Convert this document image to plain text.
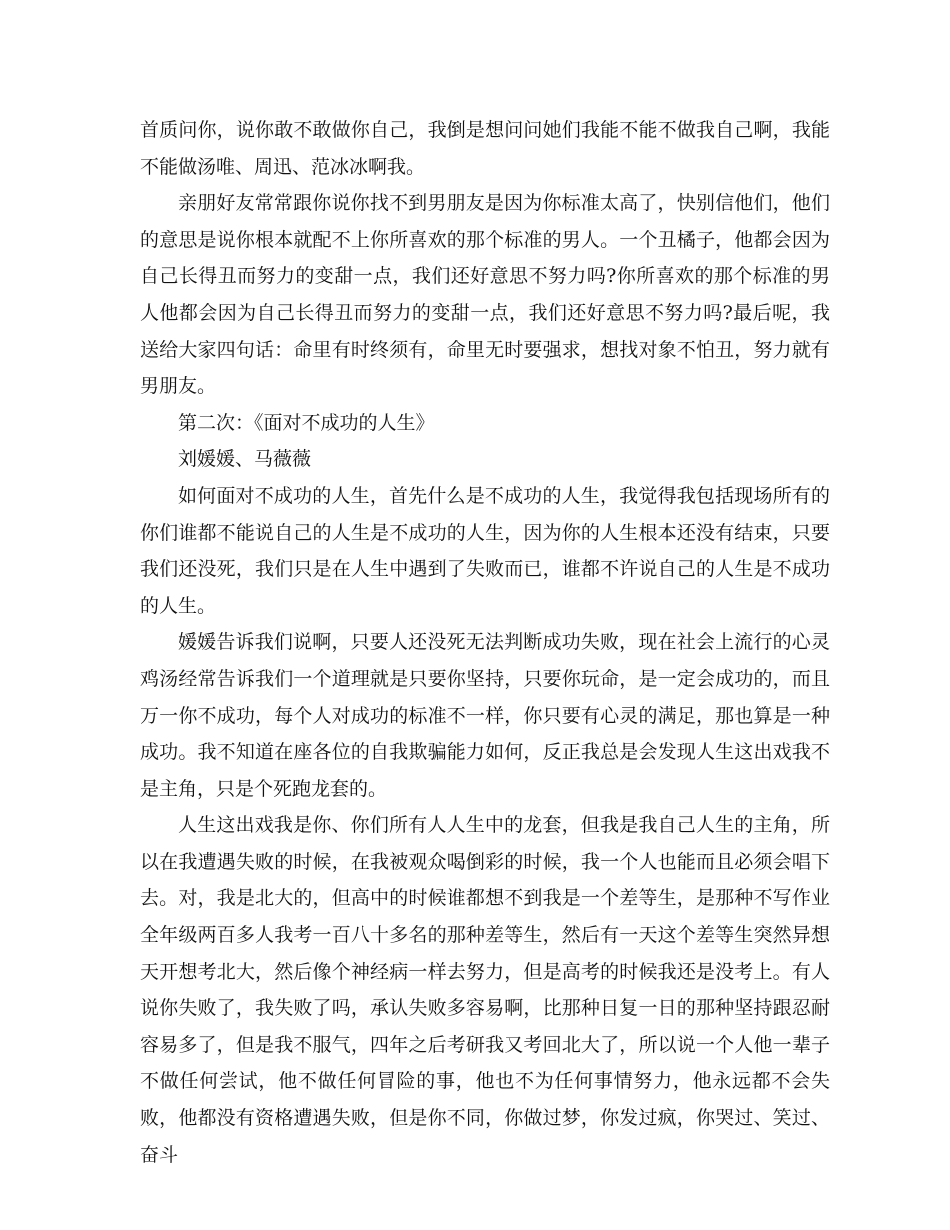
首质问你，说你敢不敢做你自己，我倒是想问问她们我能不能不做我自己啊，我能不能做汤唯、周迅、范冰冰啊我。

亲朋好友常常跟你说你找不到男朋友是因为你标准太高了，快别信他们，他们的意思是说你根本就配不上你所喜欢的那个标准的男人。一个丑橘子，他都会因为自己长得丑而努力的变甜一点，我们还好意思不努力吗?你所喜欢的那个标准的男人他都会因为自己长得丑而努力的变甜一点，我们还好意思不努力吗?最后呢，我送给大家四句话：命里有时终须有，命里无时要强求，想找对象不怕丑，努力就有男朋友。

第二次：《面对不成功的人生》

刘媛媛、马薇薇

如何面对不成功的人生，首先什么是不成功的人生，我觉得我包括现场所有的你们谁都不能说自己的人生是不成功的人生，因为你的人生根本还没有结束，只要我们还没死，我们只是在人生中遇到了失败而已，谁都不许说自己的人生是不成功的人生。

媛媛告诉我们说啊，只要人还没死无法判断成功失败，现在社会上流行的心灵鸡汤经常告诉我们一个道理就是只要你坚持，只要你玩命，是一定会成功的，而且万一你不成功，每个人对成功的标准不一样，你只要有心灵的满足，那也算是一种成功。我不知道在座各位的自我欺骗能力如何，反正我总是会发现人生这出戏我不是主角，只是个死跑龙套的。

人生这出戏我是你、你们所有人人生中的龙套，但我是我自己人生的主角，所以在我遭遇失败的时候，在我被观众喝倒彩的时候，我一个人也能而且必须会唱下去。对，我是北大的，但高中的时候谁都想不到我是一个差等生，是那种不写作业全年级两百多人我考一百八十多名的那种差等生，然后有一天这个差等生突然异想天开想考北大，然后像个神经病一样去努力，但是高考的时候我还是没考上。有人说你失败了，我失败了吗，承认失败多容易啊，比那种日复一日的那种坚持跟忍耐容易多了，但是我不服气，四年之后考研我又考回北大了，所以说一个人他一辈子不做任何尝试，他不做任何冒险的事，他也不为任何事情努力，他永远都不会失败，他都没有资格遭遇失败，但是你不同，你做过梦，你发过疯，你哭过、笑过、奋斗
